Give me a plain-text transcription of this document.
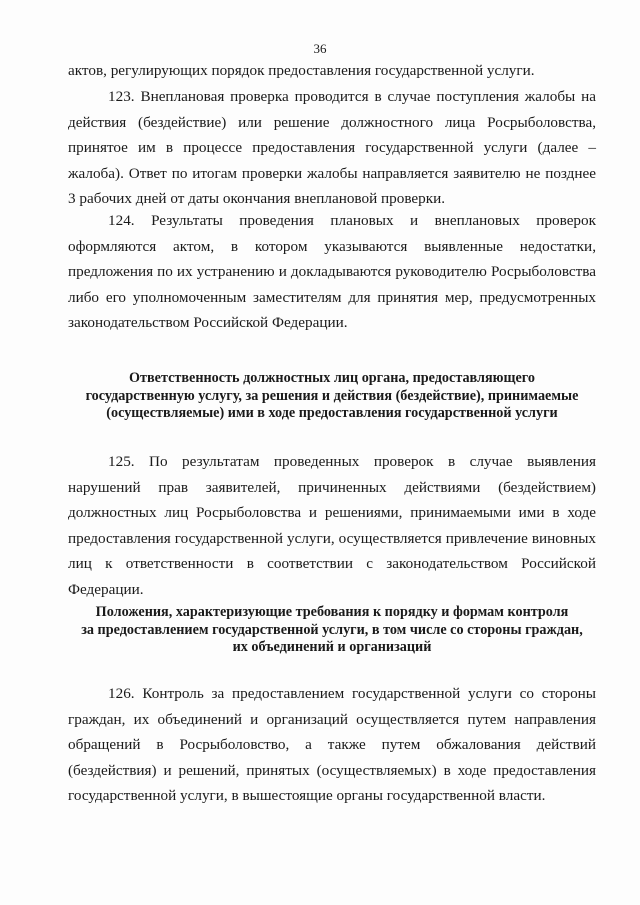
36

актов, регулирующих порядок предоставления государственной услуги.

123. Внеплановая проверка проводится в случае поступления жалобы на действия (бездействие) или решение должностного лица Росрыболовства, принятое им в процессе предоставления государственной услуги (далее – жалоба). Ответ по итогам проверки жалобы направляется заявителю не позднее 3 рабочих дней от даты окончания внеплановой проверки.

124. Результаты проведения плановых и внеплановых проверок оформляются актом, в котором указываются выявленные недостатки, предложения по их устранению и докладываются руководителю Росрыболовства либо его уполномоченным заместителям для принятия мер, предусмотренных законодательством Российской Федерации.

Ответственность должностных лиц органа, предоставляющего
государственную услугу, за решения и действия (бездействие), принимаемые
(осуществляемые) ими в ходе предоставления государственной услуги

125. По результатам проведенных проверок в случае выявления нарушений прав заявителей, причиненных действиями (бездействием) должностных лиц Росрыболовства и решениями, принимаемыми ими в ходе предоставления государственной услуги, осуществляется привлечение виновных лиц к ответственности в соответствии с законодательством Российской Федерации.

Положения, характеризующие требования к порядку и формам контроля
за предоставлением государственной услуги, в том числе со стороны граждан,
их объединений и организаций

126. Контроль за предоставлением государственной услуги со стороны граждан, их объединений и организаций осуществляется путем направления обращений в Росрыболовство, а также путем обжалования действий (бездействия) и решений, принятых (осуществляемых) в ходе предоставления государственной услуги, в вышестоящие органы государственной власти.
